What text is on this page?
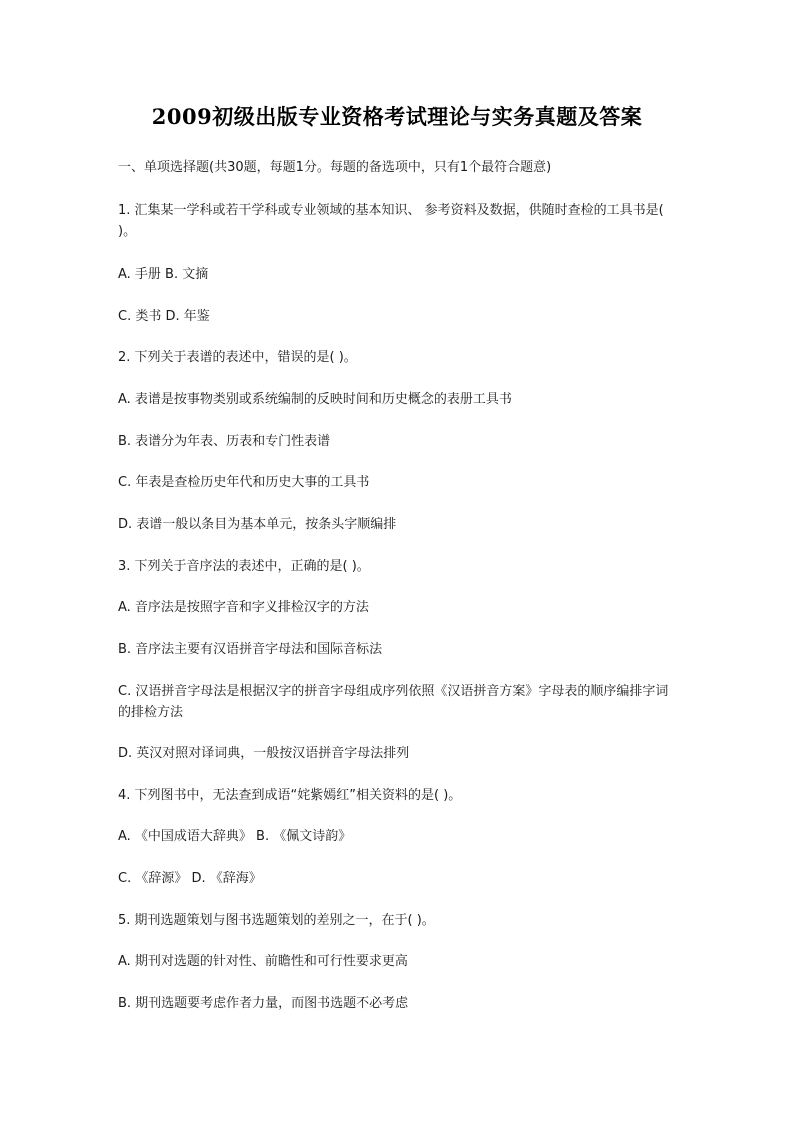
2009初级出版专业资格考试理论与实务真题及答案
一、单项选择题(共30题，每题1分。每题的备选项中，只有1个最符合题意)
1. 汇集某一学科或若干学科或专业领域的基本知识、 参考资料及数据，供随时查检的工具书是( )。
A. 手册 B. 文摘
C. 类书 D. 年鉴
2. 下列关于表谱的表述中，错误的是( )。
A. 表谱是按事物类别或系统编制的反映时间和历史概念的表册工具书
B. 表谱分为年表、历表和专门性表谱
C. 年表是查检历史年代和历史大事的工具书
D. 表谱一般以条目为基本单元，按条头字顺编排
3. 下列关于音序法的表述中，正确的是( )。
A. 音序法是按照字音和字义排检汉字的方法
B. 音序法主要有汉语拼音字母法和国际音标法
C. 汉语拼音字母法是根据汉字的拼音字母组成序列依照《汉语拼音方案》字母表的顺序编排字词的排检方法
D. 英汉对照对译词典，一般按汉语拼音字母法排列
4. 下列图书中，无法查到成语“姹紫嫣红”相关资料的是( )。
A. 《中国成语大辞典》 B. 《佩文诗韵》
C. 《辞源》 D. 《辞海》
5. 期刊选题策划与图书选题策划的差别之一，在于( )。
A. 期刊对选题的针对性、前瞻性和可行性要求更高
B. 期刊选题要考虑作者力量，而图书选题不必考虑
